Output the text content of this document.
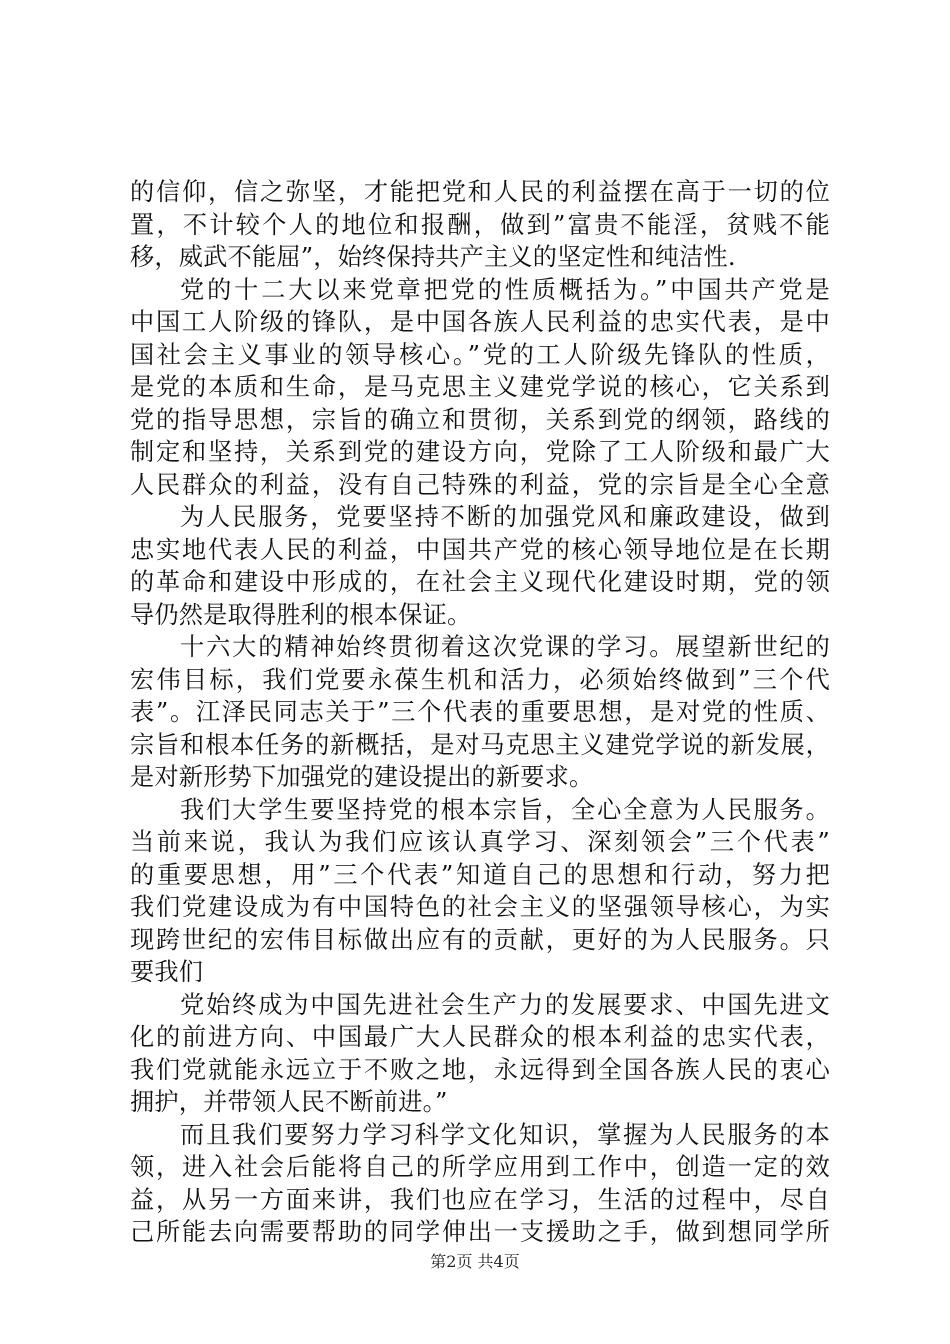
的信仰，信之弥坚，才能把党和人民的利益摆在高于一切的位
置，不计较个人的地位和报酬，做到”富贵不能淫，贫贱不能
移，威武不能屈”，始终保持共产主义的坚定性和纯洁性.
党的十二大以来党章把党的性质概括为。”中国共产党是
中国工人阶级的锋队，是中国各族人民利益的忠实代表，是中
国社会主义事业的领导核心。”党的工人阶级先锋队的性质，
是党的本质和生命，是马克思主义建党学说的核心，它关系到
党的指导思想，宗旨的确立和贯彻，关系到党的纲领，路线的
制定和坚持，关系到党的建设方向，党除了工人阶级和最广大
人民群众的利益，没有自己特殊的利益，党的宗旨是全心全意
为人民服务，党要坚持不断的加强党风和廉政建设，做到
忠实地代表人民的利益，中国共产党的核心领导地位是在长期
的革命和建设中形成的，在社会主义现代化建设时期，党的领
导仍然是取得胜利的根本保证。
十六大的精神始终贯彻着这次党课的学习。展望新世纪的
宏伟目标，我们党要永葆生机和活力，必须始终做到”三个代
表”。江泽民同志关于”三个代表的重要思想，是对党的性质、
宗旨和根本任务的新概括，是对马克思主义建党学说的新发展，
是对新形势下加强党的建设提出的新要求。
我们大学生要坚持党的根本宗旨，全心全意为人民服务。
当前来说，我认为我们应该认真学习、深刻领会”三个代表”
的重要思想，用”三个代表”知道自己的思想和行动，努力把
我们党建设成为有中国特色的社会主义的坚强领导核心，为实
现跨世纪的宏伟目标做出应有的贡献，更好的为人民服务。只
要我们
党始终成为中国先进社会生产力的发展要求、中国先进文
化的前进方向、中国最广大人民群众的根本利益的忠实代表，
我们党就能永远立于不败之地，永远得到全国各族人民的衷心
拥护，并带领人民不断前进。”
而且我们要努力学习科学文化知识，掌握为人民服务的本
领，进入社会后能将自己的所学应用到工作中，创造一定的效
益，从另一方面来讲，我们也应在学习，生活的过程中，尽自
己所能去向需要帮助的同学伸出一支援助之手，做到想同学所
第2页 共4页
